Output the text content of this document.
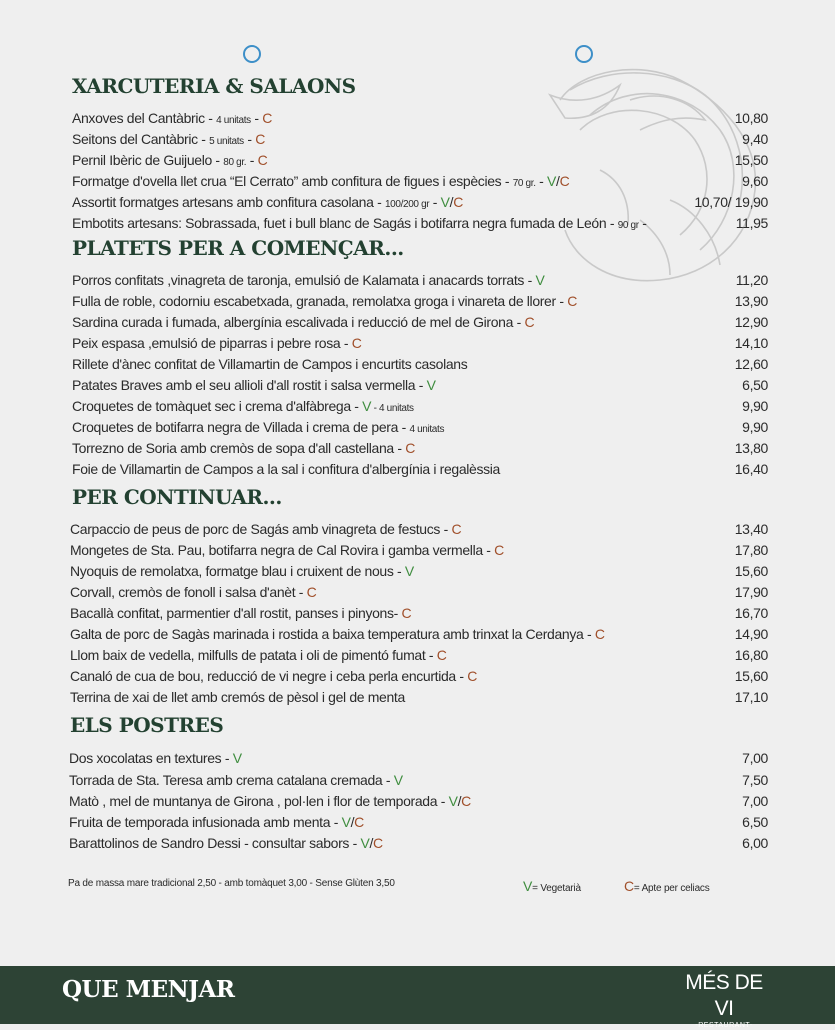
XARCUTERIA & SALAONS
Anxoves del Cantàbric - 4 unitats - C	10,80
Seitons del Cantàbric - 5 unitats - C	9,40
Pernil Ibèric de Guijuelo - 80 gr. - C	15,50
Formatge d'ovella llet crua “El Cerrato” amb confitura de figues i espècies - 70 gr. - V/C	9,60
Assortit formatges artesans amb confitura casolana - 100/200 gr - V/C	10,70/ 19,90
Embotits artesans: Sobrassada, fuet i bull blanc de Sagás i botifarra negra fumada de León - 90 gr -	11,95
PLATETS PER A COMENÇAR...
Porros confitats ,vinagreta de taronja, emulsió de Kalamata i anacards torrats - V	11,20
Fulla de roble, codorniu escabetxada, granada, remolatxa groga i vinareta de llorer - C	13,90
Sardina curada i fumada, albergínia escalivada i reducció de mel de Girona - C	12,90
Peix espasa ,emulsió de piparras i pebre rosa - C	14,10
Rillete d'ànec confitat de Villamartin de Campos i encurtits casolans	12,60
Patates Braves amb el seu allioli d'all rostit i salsa vermella - V	6,50
Croquetes de tomàquet sec i crema d'alfàbrega - V - 4 unitats	9,90
Croquetes de botifarra negra de Villada i crema de pera - 4 unitats	9,90
Torrezno de Soria amb cremòs de sopa d'all castellana - C	13,80
Foie de Villamartin de Campos a la sal i confitura d'albergínia i regalèssia	16,40
PER CONTINUAR...
Carpaccio de peus de porc de Sagás amb vinagreta de festucs - C	13,40
Mongetes de Sta. Pau, botifarra negra de Cal Rovira i gamba vermella - C	17,80
Nyoquis de remolatxa, formatge blau i cruixent de nous - V	15,60
Corvall, cremòs de fonoll i salsa d'anèt - C	17,90
Bacallà confitat, parmentier d'all rostit, panses i pinyons- C	16,70
Galta de porc de Sagàs marinada i rostida a baixa temperatura amb trinxat la Cerdanya - C	14,90
Llom baix de vedella, milfulls de patata i oli de pimentó fumat - C	16,80
Canaló de cua de bou, reducció de vi negre i ceba perla encurtida - C	15,60
Terrina de xai de llet amb cremós de pèsol i gel de menta	17,10
ELS POSTRES
Dos xocolatas en textures - V	7,00
Torrada de Sta. Teresa amb crema catalana cremada - V	7,50
Matò , mel de muntanya de Girona , pol·len i flor de temporada - V/C	7,00
Fruita de temporada infusionada amb menta - V/C	6,50
Barattolinos de Sandro Dessi - consultar sabors - V/C	6,00
Pa de massa mare tradicional 2,50 - amb tomàquet 3,00 - Sense Glùten 3,50	V= Vegetarià	C= Apte per celiacs
QUE MENJAR	MÉS DE VI
-RESTAURANT-
